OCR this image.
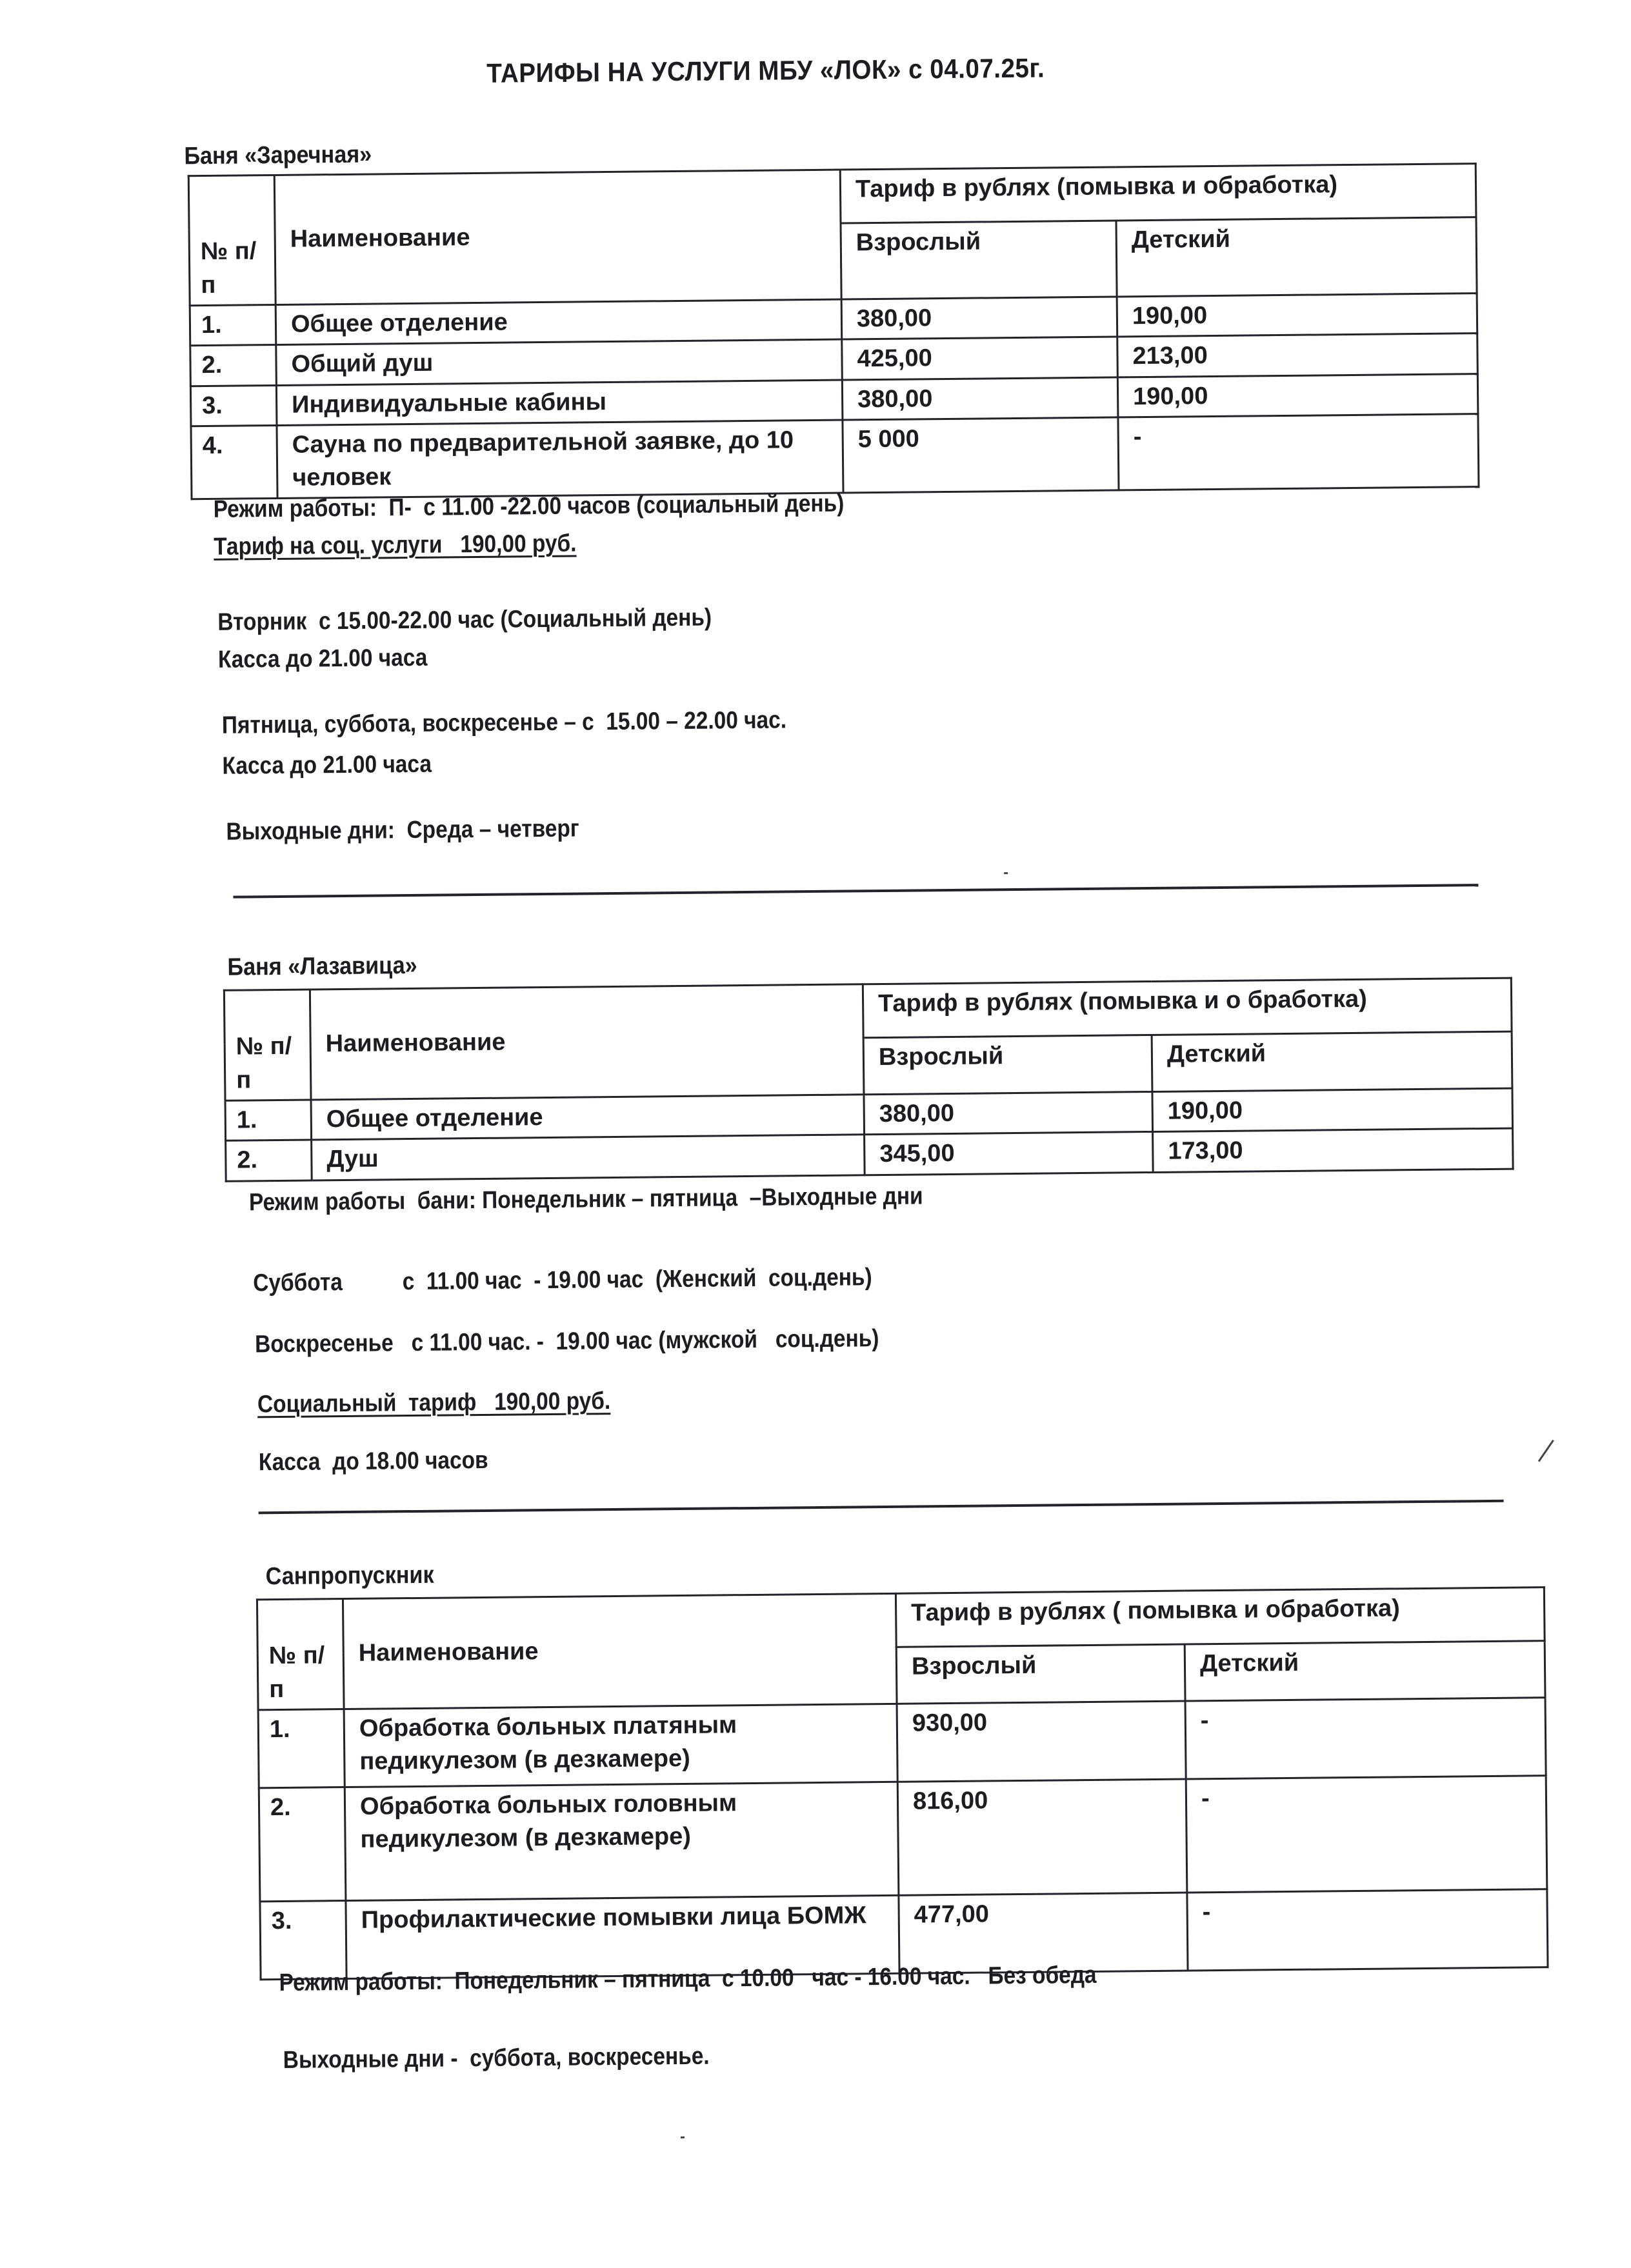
ТАРИФЫ НА УСЛУГИ МБУ «ЛОК» с 04.07.25г.
Баня «Заречная»
№ п/п	Наименование	Тариф в рублях (помывка и обработка)	
		Взрослый	Детский
1.	Общее отделение	380,00	190,00
2.	Общий душ	425,00	213,00
3.	Индивидуальные кабины	380,00	190,00
4.	Сауна по предварительной заявке, до 10 человек	5 000	-
Режим работы:  П-  с 11.00 -22.00 часов (социальный день)
Тариф на соц. услуги   190,00 руб.
Вторник  с 15.00-22.00 час (Социальный день)
Касса до 21.00 часа
Пятница, суббота, воскресенье – с  15.00 – 22.00 час.
Касса до 21.00 часа
Выходные дни:  Среда – четверг
Баня «Лазавица»
№ п/п	Наименование	Тариф в рублях (помывка и о бработка)	
		Взрослый	Детский
1.	Общее отделение	380,00	190,00
2.	Душ	345,00	173,00
Режим работы  бани: Понедельник – пятница  –Выходные дни
Суббота          с  11.00 час  - 19.00 час  (Женский  соц.день)
Воскресенье   с 11.00 час. -  19.00 час (мужской   соц.день)
Социальный  тариф   190,00 руб.
Касса  до 18.00 часов
Санпропускник
№ п/п	Наименование	Тариф в рублях ( помывка и обработка)	
		Взрослый	Детский
1.	Обработка больных платяным педикулезом (в дезкамере)	930,00	-
2.	Обработка больных головным педикулезом (в дезкамере)	816,00	-
3.	Профилактические помывки лица БОМЖ	477,00	-
Режим работы:  Понедельник – пятница  с 10.00   час - 16.00 час.   Без обеда
Выходные дни -  суббота, воскресенье.
